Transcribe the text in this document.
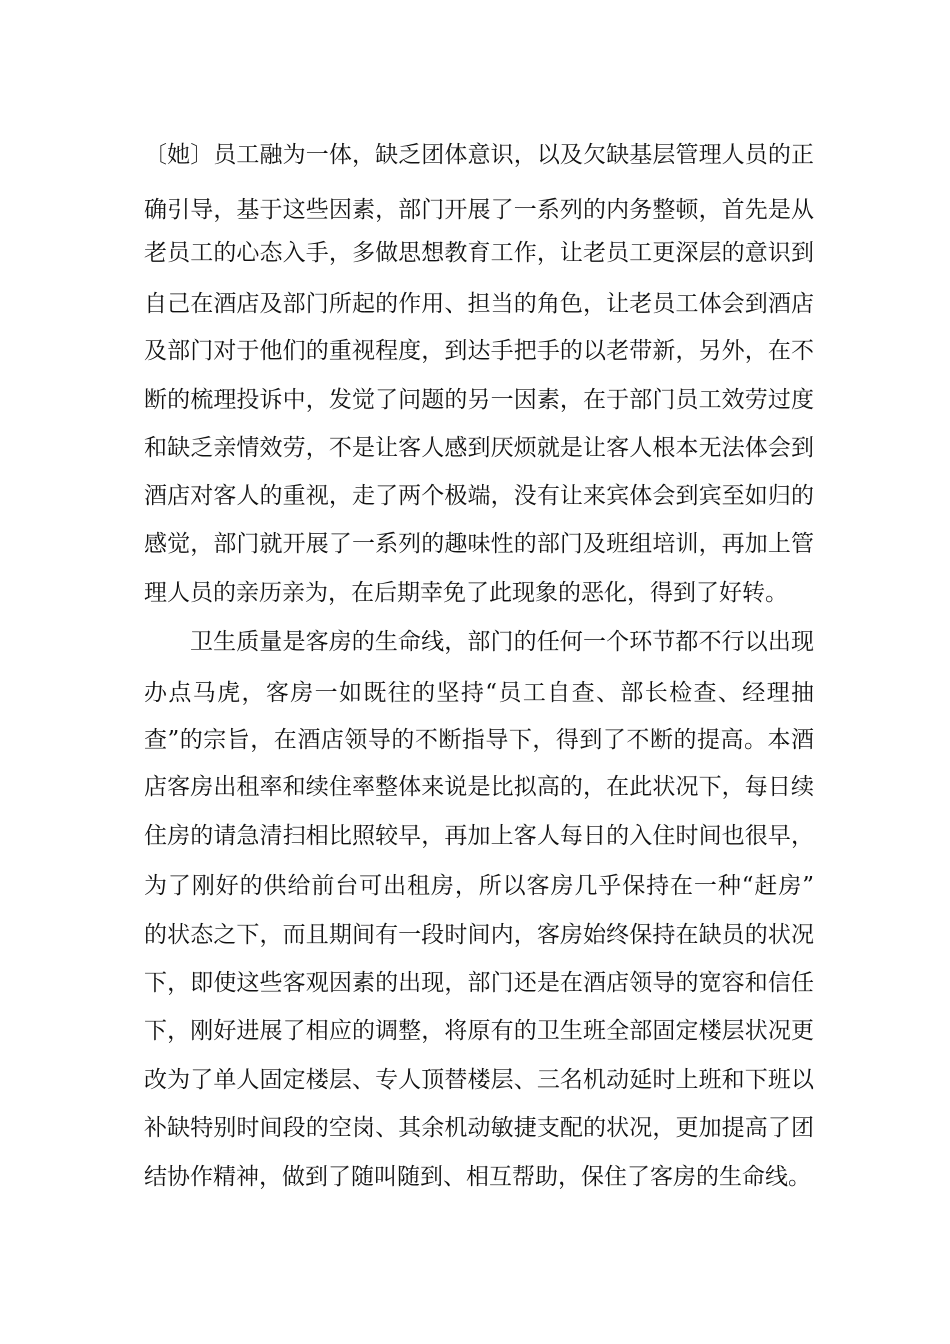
〔她〕员工融为一体，缺乏团体意识，以及欠缺基层管理人员的正
确引导，基于这些因素，部门开展了一系列的内务整顿，首先是从
老员工的心态入手，多做思想教育工作，让老员工更深层的意识到
自己在酒店及部门所起的作用、担当的角色，让老员工体会到酒店
及部门对于他们的重视程度，到达手把手的以老带新，另外，在不
断的梳理投诉中，发觉了问题的另一因素，在于部门员工效劳过度
和缺乏亲情效劳，不是让客人感到厌烦就是让客人根本无法体会到
酒店对客人的重视，走了两个极端，没有让来宾体会到宾至如归的
感觉，部门就开展了一系列的趣味性的部门及班组培训，再加上管
理人员的亲历亲为，在后期幸免了此现象的恶化，得到了好转。
卫生质量是客房的生命线，部门的任何一个环节都不行以出现
办点马虎，客房一如既往的坚持“员工自查、部长检查、经理抽
查”的宗旨，在酒店领导的不断指导下，得到了不断的提高。本酒
店客房出租率和续住率整体来说是比拟高的，在此状况下，每日续
住房的请急清扫相比照较早，再加上客人每日的入住时间也很早，
为了刚好的供给前台可出租房，所以客房几乎保持在一种“赶房”
的状态之下，而且期间有一段时间内，客房始终保持在缺员的状况
下，即使这些客观因素的出现，部门还是在酒店领导的宽容和信任
下，刚好进展了相应的调整，将原有的卫生班全部固定楼层状况更
改为了单人固定楼层、专人顶替楼层、三名机动延时上班和下班以
补缺特别时间段的空岗、其余机动敏捷支配的状况，更加提高了团
结协作精神，做到了随叫随到、相互帮助，保住了客房的生命线。
